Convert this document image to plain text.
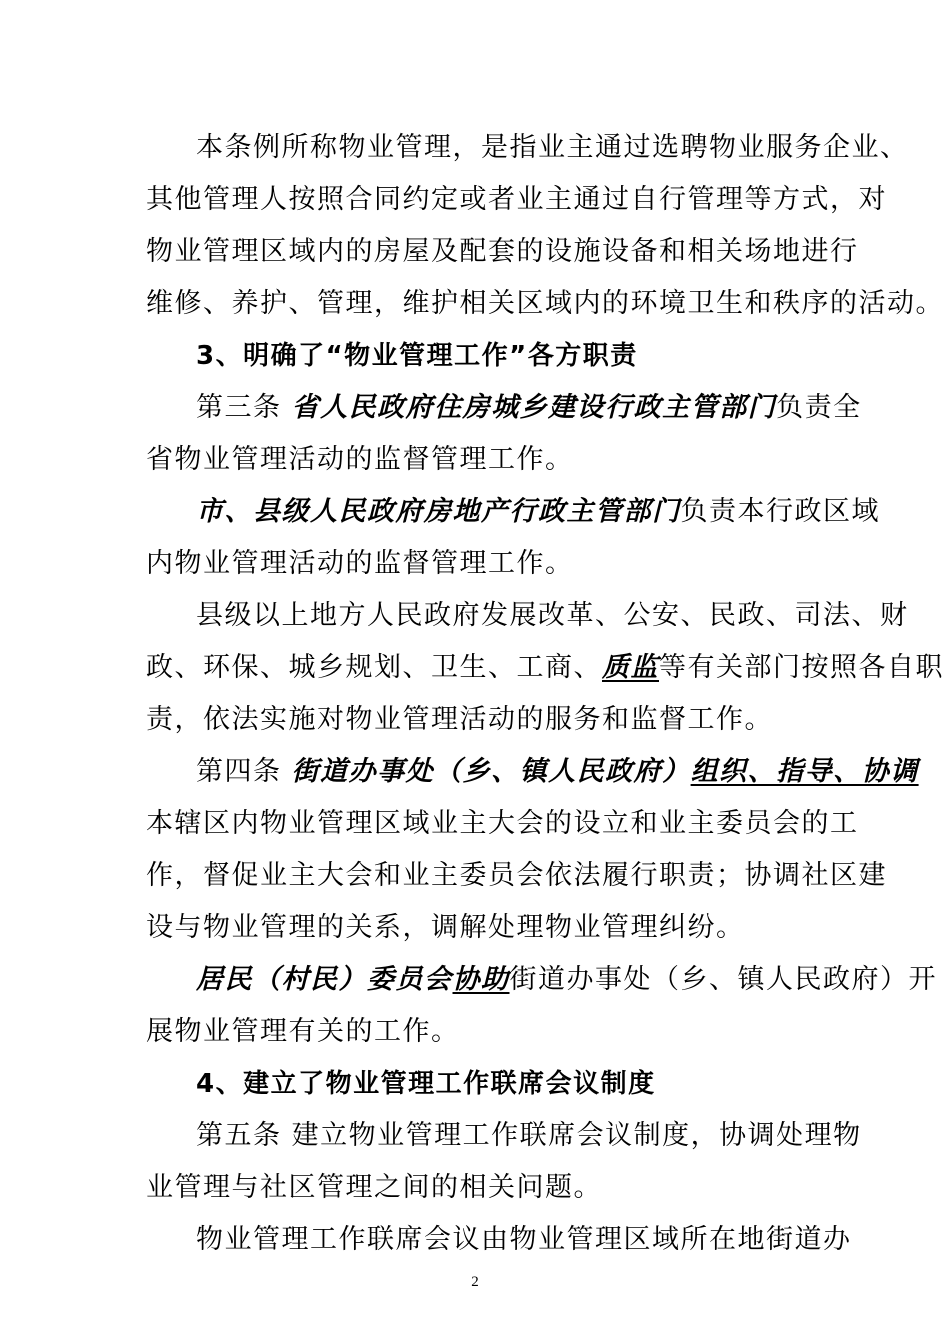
本条例所称物业管理，是指业主通过选聘物业服务企业、
其他管理人按照合同约定或者业主通过自行管理等方式，对
物业管理区域内的房屋及配套的设施设备和相关场地进行
维修、养护、管理，维护相关区域内的环境卫生和秩序的活动。
3、明确了“物业管理工作”各方职责
第三条 省人民政府住房城乡建设行政主管部门负责全
省物业管理活动的监督管理工作。
市、县级人民政府房地产行政主管部门负责本行政区域
内物业管理活动的监督管理工作。
县级以上地方人民政府发展改革、公安、民政、司法、财
政、环保、城乡规划、卫生、工商、质监等有关部门按照各自职
责，依法实施对物业管理活动的服务和监督工作。
第四条 街道办事处（乡、镇人民政府）组织、指导、协调
本辖区内物业管理区域业主大会的设立和业主委员会的工
作，督促业主大会和业主委员会依法履行职责；协调社区建
设与物业管理的关系，调解处理物业管理纠纷。
居民（村民）委员会协助街道办事处（乡、镇人民政府）开
展物业管理有关的工作。
4、建立了物业管理工作联席会议制度
第五条 建立物业管理工作联席会议制度，协调处理物
业管理与社区管理之间的相关问题。
物业管理工作联席会议由物业管理区域所在地街道办
2
